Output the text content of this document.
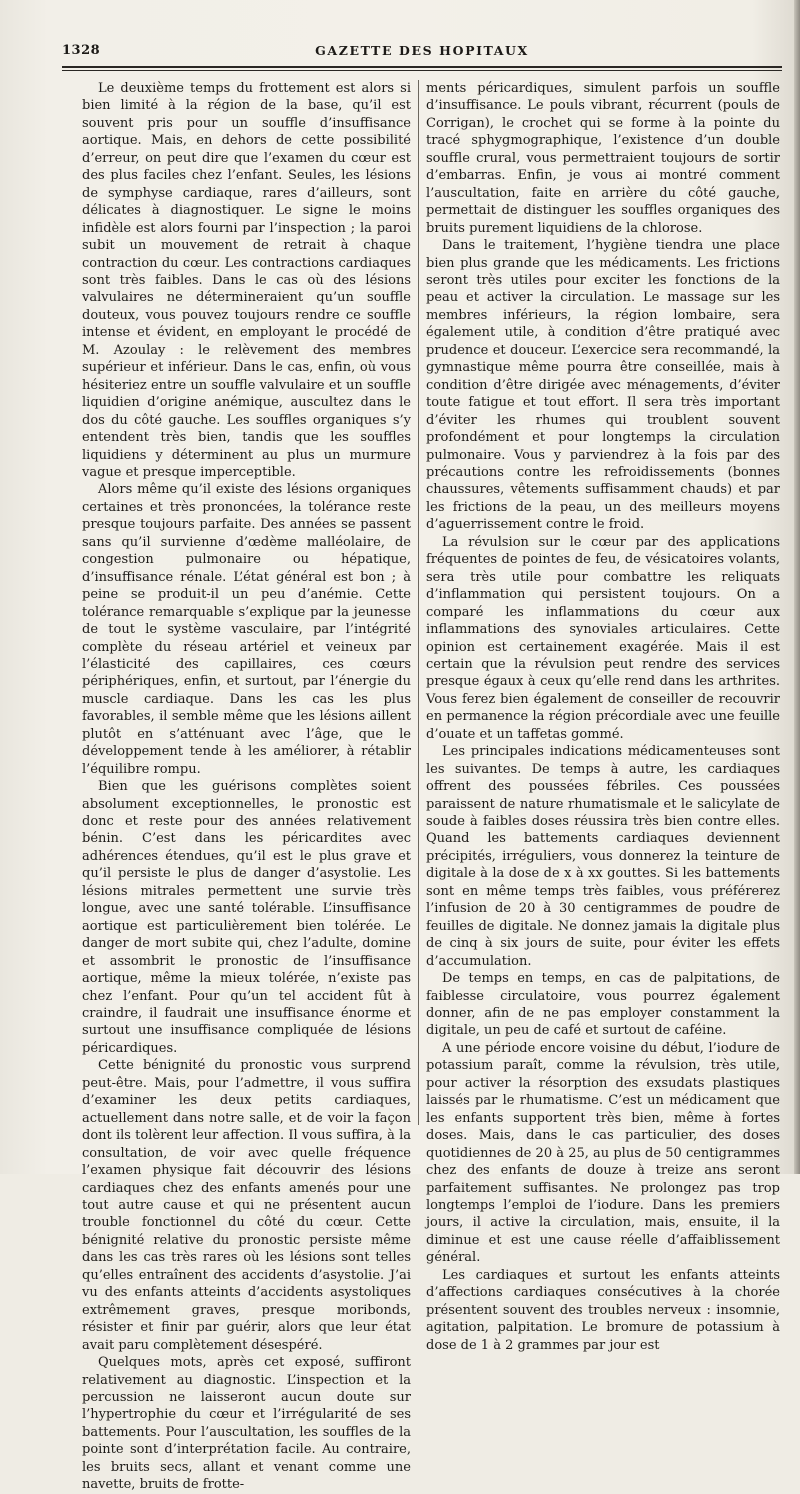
1328	GAZETTE DES HOPITAUX

Le deuxième temps du frottement est alors si bien limité à la région de la base, qu’il est souvent pris pour un souffle d’insuffisance aortique. Mais, en dehors de cette possibilité d’erreur, on peut dire que l’examen du cœur est des plus faciles chez l’enfant. Seules, les lésions de symphyse cardiaque, rares d’ailleurs, sont délicates à diagnostiquer. Le signe le moins infidèle est alors fourni par l’inspection ; la paroi subit un mouvement de retrait à chaque contraction du cœur. Les contractions cardiaques sont très faibles. Dans le cas où des lésions valvulaires ne détermineraient qu’un souffle douteux, vous pouvez toujours rendre ce souffle intense et évident, en employant le procédé de M. Azoulay : le relèvement des membres supérieur et inférieur. Dans le cas, enfin, où vous hésiteriez entre un souffle valvulaire et un souffle liquidien d’origine anémique, auscultez dans le dos du côté gauche. Les souffles organiques s’y entendent très bien, tandis que les souffles liquidiens y déterminent au plus un murmure vague et presque imperceptible.

Alors même qu’il existe des lésions organiques certaines et très prononcées, la tolérance reste presque toujours parfaite. Des années se passent sans qu’il survienne d’œdème malléolaire, de congestion pulmonaire ou hépatique, d’insuffisance rénale. L’état général est bon ; à peine se produit-il un peu d’anémie. Cette tolérance remarquable s’explique par la jeunesse de tout le système vasculaire, par l’intégrité complète du réseau artériel et veineux par l’élasticité des capillaires, ces cœurs périphériques, enfin, et surtout, par l’énergie du muscle cardiaque. Dans les cas les plus favorables, il semble même que les lésions aillent plutôt en s’atténuant avec l’âge, que le développement tende à les améliorer, à rétablir l’équilibre rompu.

Bien que les guérisons complètes soient absolument exceptionnelles, le pronostic est donc et reste pour des années relativement bénin. C’est dans les péricardites avec adhérences étendues, qu’il est le plus grave et qu’il persiste le plus de danger d’asystolie. Les lésions mitrales permettent une survie très longue, avec une santé tolérable. L’insuffisance aortique est particulièrement bien tolérée. Le danger de mort subite qui, chez l’adulte, domine et assombrit le pronostic de l’insuffisance aortique, même la mieux tolérée, n’existe pas chez l’enfant. Pour qu’un tel accident fût à craindre, il faudrait une insuffisance énorme et surtout une insuffisance compliquée de lésions péricardiques.

Cette bénignité du pronostic vous surprend peut-être. Mais, pour l’admettre, il vous suffira d’examiner les deux petits cardiaques, actuellement dans notre salle, et de voir la façon dont ils tolèrent leur affection. Il vous suffira, à la consultation, de voir avec quelle fréquence l’examen physique fait découvrir des lésions cardiaques chez des enfants amenés pour une tout autre cause et qui ne présentent aucun trouble fonctionnel du côté du cœur. Cette bénignité relative du pronostic persiste même dans les cas très rares où les lésions sont telles qu’elles entraînent des accidents d’asystolie. J’ai vu des enfants atteints d’accidents asystoliques extrêmement graves, presque moribonds, résister et finir par guérir, alors que leur état avait paru complètement désespéré.

Quelques mots, après cet exposé, suffiront relativement au diagnostic. L’inspection et la percussion ne laisseront aucun doute sur l’hypertrophie du cœur et l’irrégularité de ses battements. Pour l’auscultation, les souffles de la pointe sont d’interprétation facile. Au contraire, les bruits secs, allant et venant comme une navette, bruits de frotte-

ments péricardiques, simulent parfois un souffle d’insuffisance. Le pouls vibrant, récurrent (pouls de Corrigan), le crochet qui se forme à la pointe du tracé sphygmographique, l’existence d’un double souffle crural, vous permettraient toujours de sortir d’embarras. Enfin, je vous ai montré comment l’auscultation, faite en arrière du côté gauche, permettait de distinguer les souffles organiques des bruits purement liquidiens de la chlorose.

Dans le traitement, l’hygiène tiendra une place bien plus grande que les médicaments. Les frictions seront très utiles pour exciter les fonctions de la peau et activer la circulation. Le massage sur les membres inférieurs, la région lombaire, sera également utile, à condition d’être pratiqué avec prudence et douceur. L’exercice sera recommandé, la gymnastique même pourra être conseillée, mais à condition d’être dirigée avec ménagements, d’éviter toute fatigue et tout effort. Il sera très important d’éviter les rhumes qui troublent souvent profondément et pour longtemps la circulation pulmonaire. Vous y parviendrez à la fois par des précautions contre les refroidissements (bonnes chaussures, vêtements suffisamment chauds) et par les frictions de la peau, un des meilleurs moyens d’aguerrissement contre le froid.

La révulsion sur le cœur par des applications fréquentes de pointes de feu, de vésicatoires volants, sera très utile pour combattre les reliquats d’inflammation qui persistent toujours. On a comparé les inflammations du cœur aux inflammations des synoviales articulaires. Cette opinion est certainement exagérée. Mais il est certain que la révulsion peut rendre des services presque égaux à ceux qu’elle rend dans les arthrites. Vous ferez bien également de conseiller de recouvrir en permanence la région précordiale avec une feuille d’ouate et un taffetas gommé.

Les principales indications médicamenteuses sont les suivantes. De temps à autre, les cardiaques offrent des poussées fébriles. Ces poussées paraissent de nature rhumatismale et le salicylate de soude à faibles doses réussira très bien contre elles. Quand les battements cardiaques deviennent précipités, irréguliers, vous donnerez la teinture de digitale à la dose de x à xx gouttes. Si les battements sont en même temps très faibles, vous préférerez l’infusion de 20 à 30 centigrammes de poudre de feuilles de digitale. Ne donnez jamais la digitale plus de cinq à six jours de suite, pour éviter les effets d’accumulation.

De temps en temps, en cas de palpitations, de faiblesse circulatoire, vous pourrez également donner, afin de ne pas employer constamment la digitale, un peu de café et surtout de caféine.

A une période encore voisine du début, l’iodure de potassium paraît, comme la révulsion, très utile, pour activer la résorption des exsudats plastiques laissés par le rhumatisme. C’est un médicament que les enfants supportent très bien, même à fortes doses. Mais, dans le cas particulier, des doses quotidiennes de 20 à 25, au plus de 50 centigrammes chez des enfants de douze à treize ans seront parfaitement suffisantes. Ne prolongez pas trop longtemps l’emploi de l’iodure. Dans les premiers jours, il active la circulation, mais, ensuite, il la diminue et est une cause réelle d’affaiblissement général.

Les cardiaques et surtout les enfants atteints d’affections cardiaques consécutives à la chorée présentent souvent des troubles nerveux : insomnie, agitation, palpitation. Le bromure de potassium à dose de 1 à 2 grammes par jour est
